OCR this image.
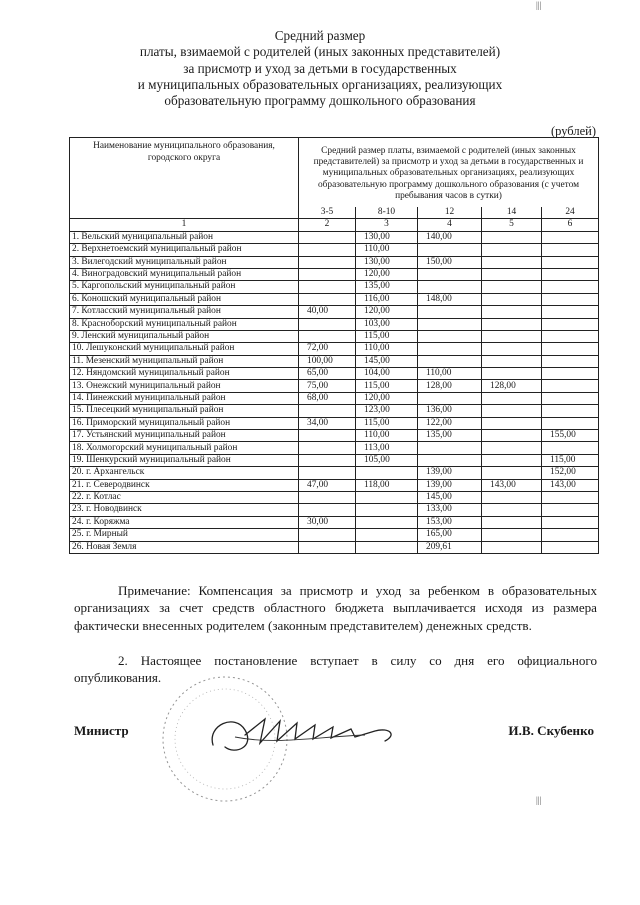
|||
|||
Средний размер
платы, взимаемой с родителей (иных законных представителей)
за присмотр и уход за детьми в государственных
и муниципальных образовательных организациях, реализующих
образовательную программу дошкольного образования
(рублей)
Наименование муниципального образования, городского округа	Средний размер платы, взимаемой с родителей (иных законных представителей) за присмотр и уход за детьми в государственных и муниципальных образовательных организациях, реализующих образовательную программу дошкольного образования (с учетом пребывания часов в сутки)				
	3-5	8-10	12	14	24
1	2	3	4	5	6
1. Вельский муниципальный район		130,00	140,00		
2. Верхнетоемский муниципальный район		110,00			
3. Вилегодский муниципальный район		130,00	150,00		
4. Виноградовский муниципальный район		120,00			
5. Каргопольский муниципальный район		135,00			
6. Коношский муниципальный район		116,00	148,00		
7. Котласский муниципальный район	40,00	120,00			
8. Красноборский муниципальный район		103,00			
9. Ленский муниципальный район		115,00			
10. Лешуконский муниципальный район	72,00	110,00			
11. Мезенский муниципальный район	100,00	145,00			
12. Няндомский муниципальный район	65,00	104,00	110,00		
13. Онежский муниципальный район	75,00	115,00	128,00	128,00	
14. Пинежский муниципальный район	68,00	120,00			
15. Плесецкий муниципальный район		123,00	136,00		
16. Приморский муниципальный район	34,00	115,00	122,00		
17. Устьянский муниципальный район		110,00	135,00		155,00
18. Холмогорский муниципальный район		113,00			
19. Шенкурский муниципальный район		105,00			115,00
20. г. Архангельск			139,00		152,00
21. г. Северодвинск	47,00	118,00	139,00	143,00	143,00
22. г. Котлас			145,00		
23. г. Новодвинск			133,00		
24. г. Коряжма	30,00		153,00		
25. г. Мирный			165,00		
26. Новая Земля			209,61		

Примечание: Компенсация за присмотр и уход за ребенком в образовательных организациях за счет средств областного бюджета выплачивается исходя из размера фактически внесенных родителем (законным представителем) денежных средств.

2. Настоящее постановление вступает в силу со дня его официального опубликования.
Министр	И.В. Скубенко
